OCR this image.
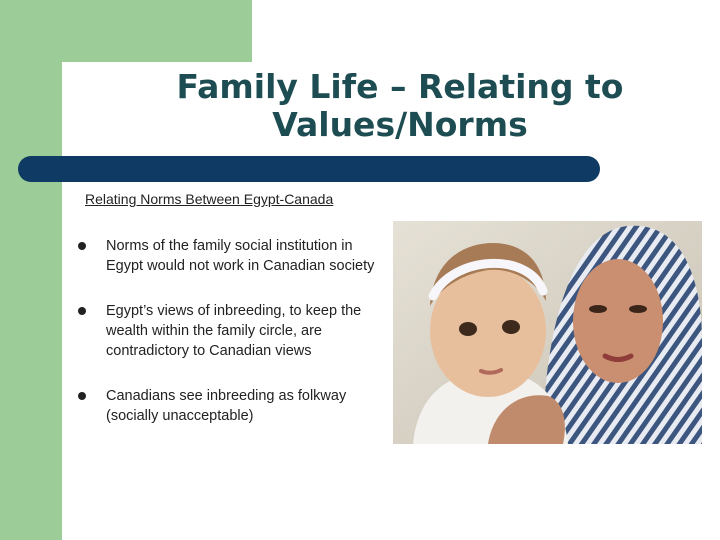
Family Life – Relating to Values/Norms

Relating Norms Between Egypt-Canada

Norms of the family social institution in Egypt would not work in Canadian society
Egypt’s views of inbreeding, to keep the wealth within the family circle, are contradictory to Canadian views
Canadians see inbreeding as folkway (socially unacceptable)
